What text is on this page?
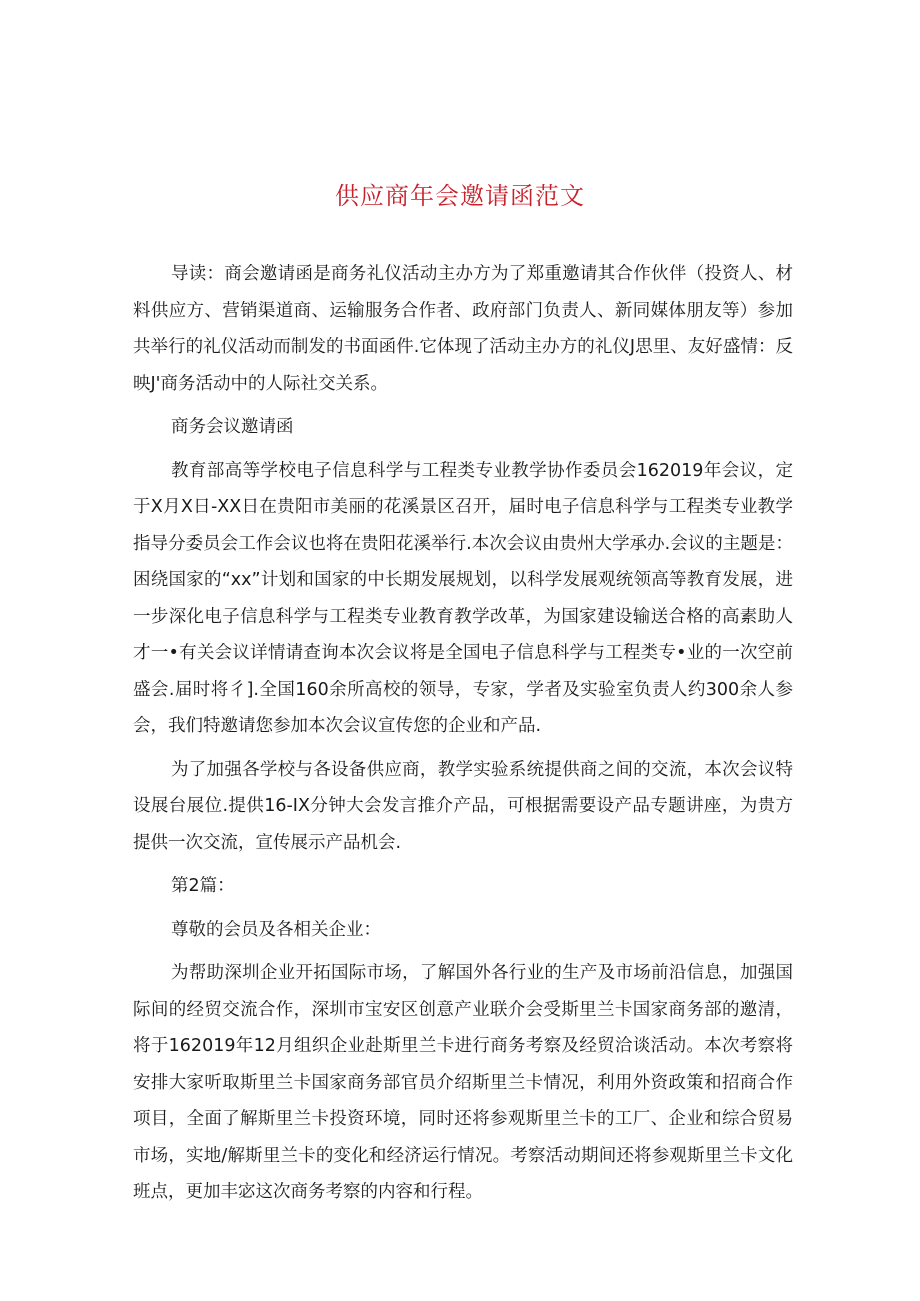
供应商年会邀请函范文

导读：商会邀请函是商务礼仪活动主办方为了郑重邀请其合作伙伴（投资人、材料供应方、营销渠道商、运输服务合作者、政府部门负责人、新同媒体朋友等）参加共举行的礼仪活动而制发的书面函件.它体现了活动主办方的礼仪J思里、友好盛情：反映J'商务活动中的人际社交关系。

商务会议邀请函

教育部高等学校电子信息科学与工程类专业教学协作委员会162019年会议，定于X月X日-XX日在贵阳市美丽的花溪景区召开，届时电子信息科学与工程类专业教学指导分委员会工作会议也将在贵阳花溪举行.本次会议由贵州大学承办.会议的主题是：困绕国家的“xx”计划和国家的中长期发展规划，以科学发展观统领高等教育发展，进一步深化电子信息科学与工程类专业教育教学改革，为国家建设输送合格的高素助人才一•有关会议详情请查询本次会议将是全国电子信息科学与工程类专•业的一次空前盛会.届时将彳].全国160余所高校的领导，专家，学者及实验室负责人约300余人参会，我们特邀请您参加本次会议宣传您的企业和产品.

为了加强各学校与各设备供应商，教学实验系统提供商之间的交流，本次会议特设展台展位.提供16-IX分钟大会发言推介产品，可根据需要设产品专题讲座，为贵方提供一次交流，宣传展示产品机会.

第2篇：

尊敬的会员及各相关企业：

为帮助深圳企业开拓国际市场，了解国外各行业的生产及市场前沿信息，加强国际间的经贸交流合作，深圳市宝安区创意产业联介会受斯里兰卡国家商务部的邀清，将于162019年12月组织企业赴斯里兰卡进行商务考察及经贸洽谈活动。本次考察将安排大家听取斯里兰卡国家商务部官员介绍斯里兰卡情况，利用外资政策和招商合作项目，全面了解斯里兰卡投资环境，同时还将参观斯里兰卡的工厂、企业和综合贸易市场，实地/解斯里兰卡的变化和经济运行情况。考察活动期间还将参观斯里兰卡文化班点，更加丰宓这次商务考察的内容和行程。
